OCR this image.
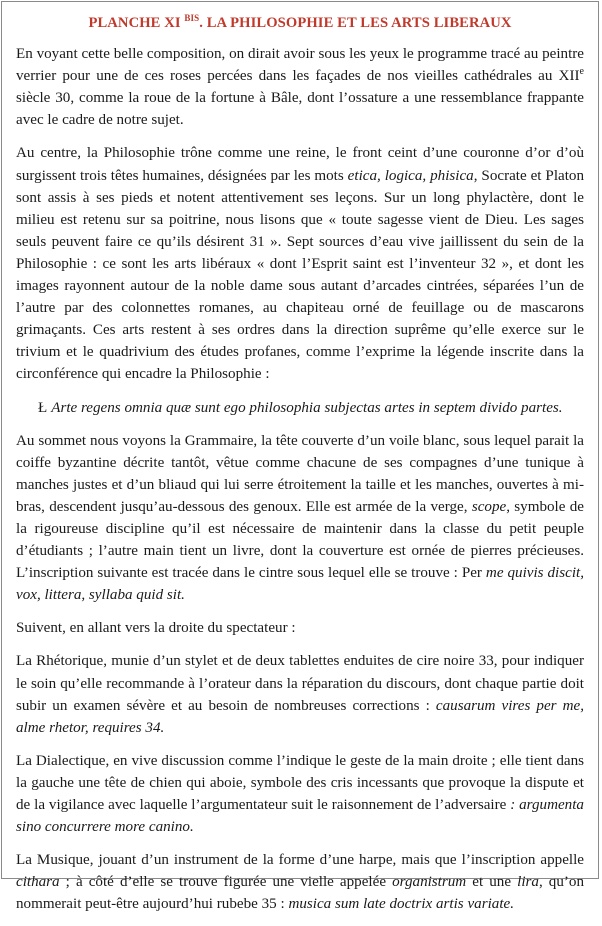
PLANCHE XI $^{BIS}$. LA PHILOSOPHIE ET LES ARTS LIBERAUX

En voyant cette belle composition, on dirait avoir sous les yeux le programme tracé au peintre verrier pour une de ces roses percées dans les façades de nos vieilles cathédrales au XIIe siècle 30, comme la roue de la fortune à Bâle, dont l’ossature a une ressemblance frappante avec le cadre de notre sujet.

Au centre, la Philosophie trône comme une reine, le front ceint d’une couronne d’or d’où surgissent trois têtes humaines, désignées par les mots etica, logica, phisica, Socrate et Platon sont assis à ses pieds et notent attentivement ses leçons. Sur un long phylactère, dont le milieu est retenu sur sa poitrine, nous lisons que « toute sagesse vient de Dieu. Les sages seuls peuvent faire ce qu’ils désirent 31 ». Sept sources d’eau vive jaillissent du sein de la Philosophie : ce sont les arts libéraux « dont l’Esprit saint est l’inventeur 32 », et dont les images rayonnent autour de la noble dame sous autant d’arcades cintrées, séparées l’un de l’autre par des colonnettes romanes, au chapiteau orné de feuillage ou de mascarons grimaçants. Ces arts restent à ses ordres dans la direction suprême qu’elle exerce sur le trivium et le quadrivium des études profanes, comme l’exprime la légende inscrite dans la circonférence qui encadre la Philosophie :

Ł Arte regens omnia quæ sunt ego philosophia subjectas artes in septem divido partes.

Au sommet nous voyons la Grammaire, la tête couverte d’un voile blanc, sous lequel parait la coiffe byzantine décrite tantôt, vêtue comme chacune de ses compagnes d’une tunique à manches justes et d’un bliaud qui lui serre étroitement la taille et les manches, ouvertes à mi- bras, descendent jusqu’au-dessous des genoux. Elle est armée de la verge, scope, symbole de la rigoureuse discipline qu’il est nécessaire de maintenir dans la classe du petit peuple d’étudiants ; l’autre main tient un livre, dont la couverture est ornée de pierres précieuses. L’inscription suivante est tracée dans le cintre sous lequel elle se trouve : Per me quivis discit, vox, littera, syllaba quid sit.

Suivent, en allant vers la droite du spectateur :

La Rhétorique, munie d’un stylet et de deux tablettes enduites de cire noire 33, pour indiquer le soin qu’elle recommande à l’orateur dans la réparation du discours, dont chaque partie doit subir un examen sévère et au besoin de nombreuses corrections : causarum vires per me, alme rhetor, requires 34.

La Dialectique, en vive discussion comme l’indique le geste de la main droite ; elle tient dans la gauche une tête de chien qui aboie, symbole des cris incessants que provoque la dispute et de la vigilance avec laquelle l’argumentateur suit le raisonnement de l’adversaire : argumenta sino concurrere more canino.

La Musique, jouant d’un instrument de la forme d’une harpe, mais que l’inscription appelle cithara ; à côté d’elle se trouve figurée une vielle appelée organistrum et une lira, qu’on nommerait peut-être aujourd’hui rubebe 35 : musica sum late doctrix artis variate.
